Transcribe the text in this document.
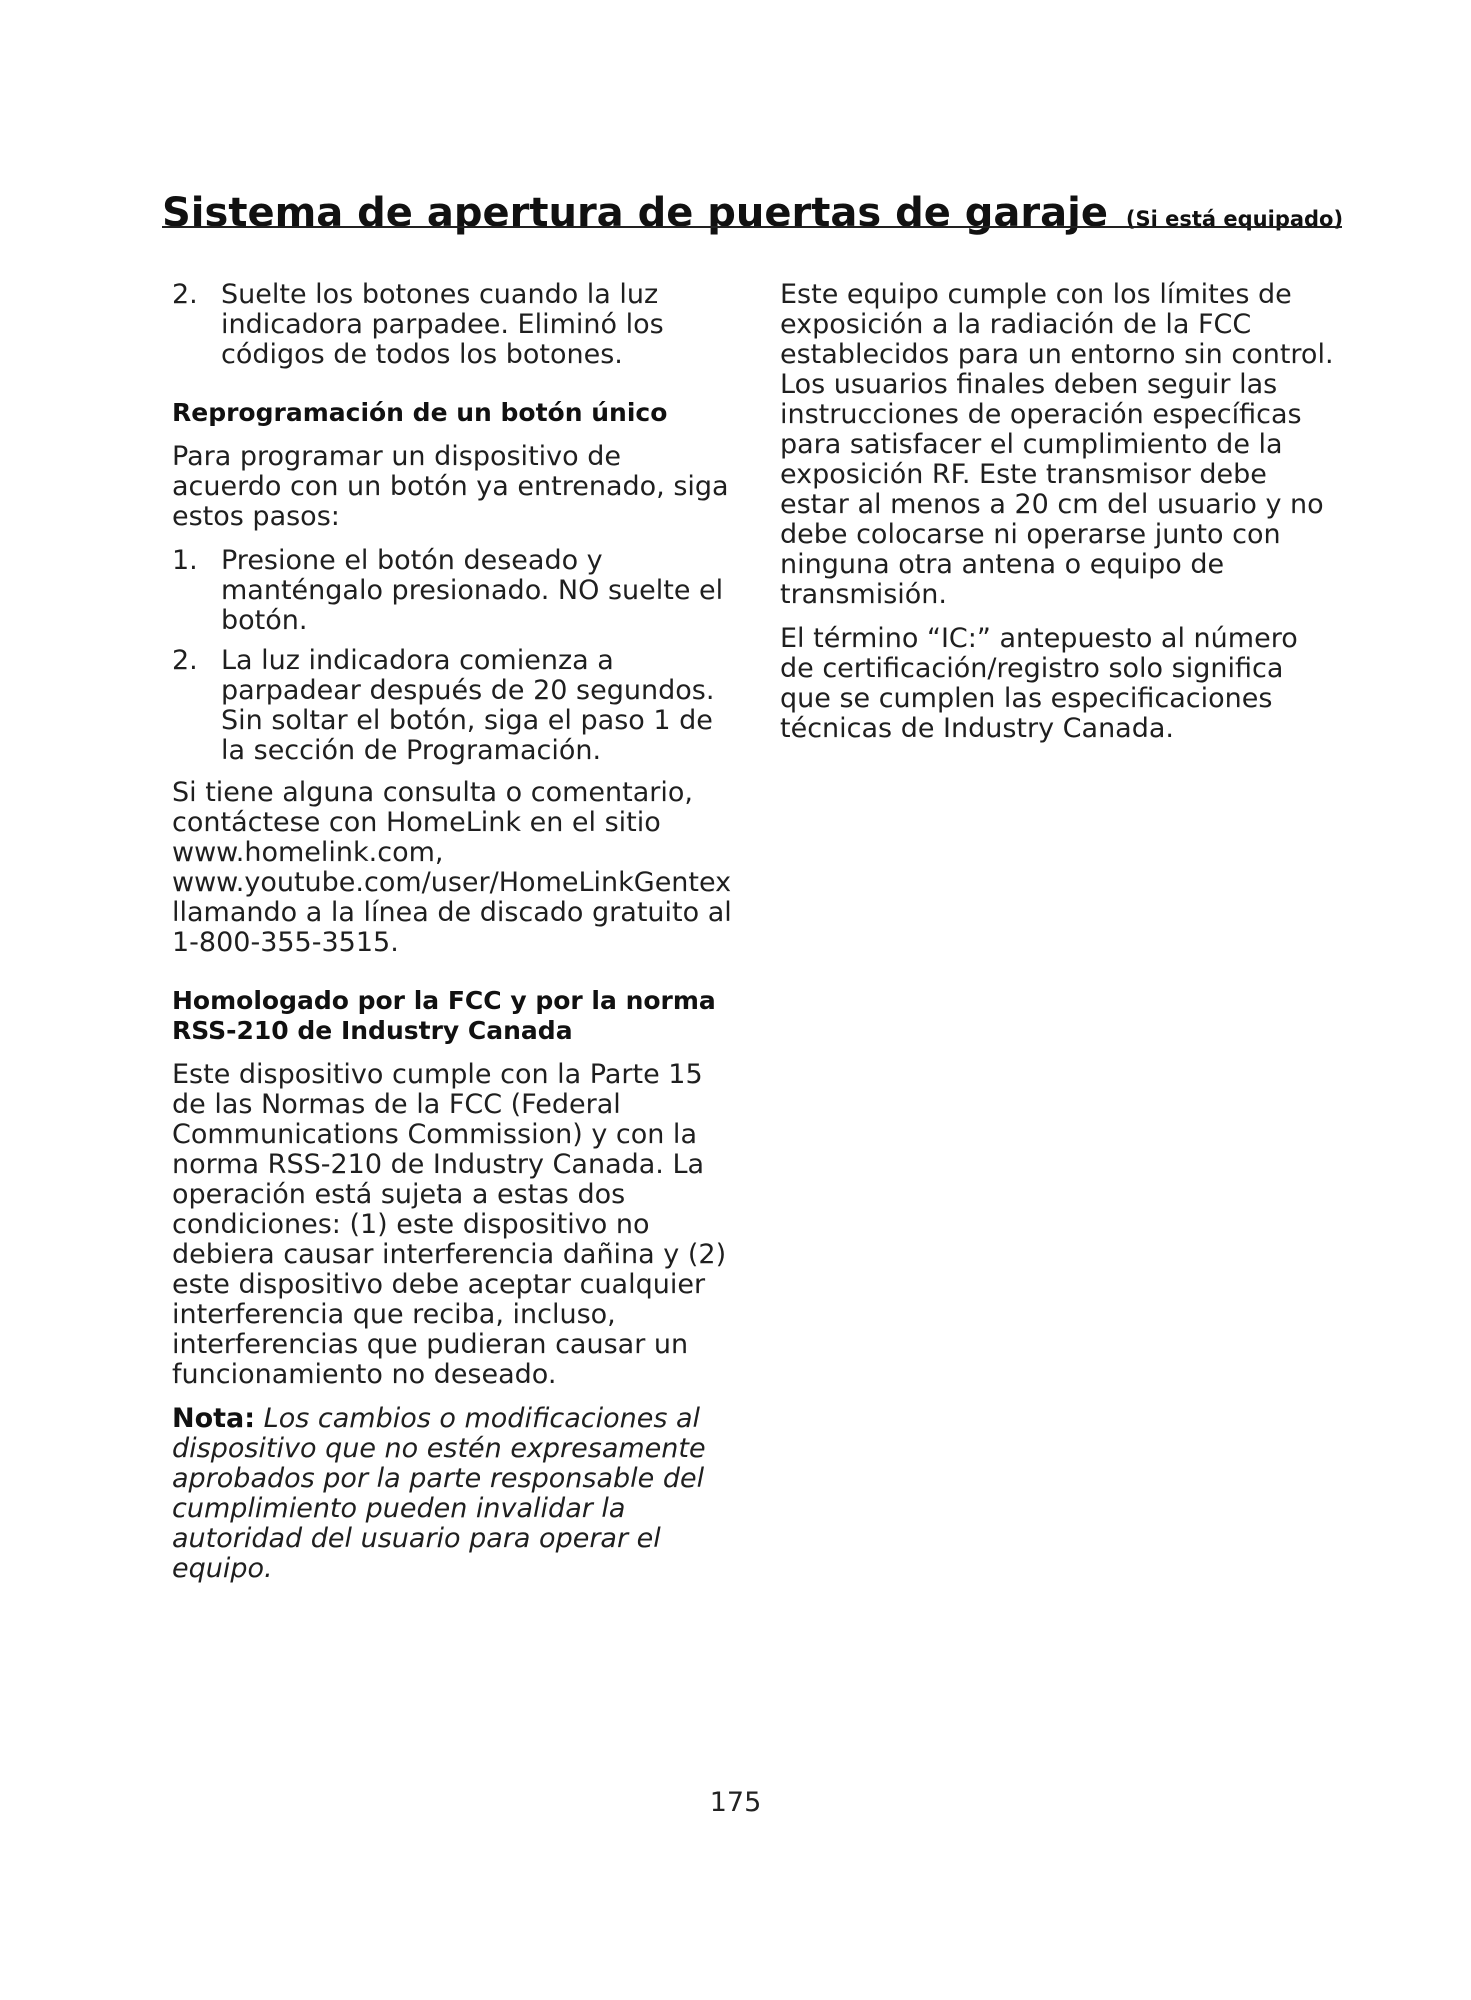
Sistema de apertura de puertas de garaje (Si está equipado)
2. Suelte los botones cuando la luz indicadora parpadee. Eliminó los códigos de todos los botones.
Reprogramación de un botón único

Para programar un dispositivo de acuerdo con un botón ya entrenado, siga estos pasos:

1. Presione el botón deseado y manténgalo presionado. NO suelte el botón.
2. La luz indicadora comienza a parpadear después de 20 segundos. Sin soltar el botón, siga el paso 1 de la sección de Programación.

Si tiene alguna consulta o comentario, contáctese con HomeLink en el sitio www.homelink.com, www.youtube.com/user/HomeLinkGentex llamando a la línea de discado gratuito al 1-800-355-3515.

Homologado por la FCC y por la norma RSS-210 de Industry Canada

Este dispositivo cumple con la Parte 15 de las Normas de la FCC (Federal Communications Commission) y con la norma RSS-210 de Industry Canada. La operación está sujeta a estas dos condiciones: (1) este dispositivo no debiera causar interferencia dañina y (2) este dispositivo debe aceptar cualquier interferencia que reciba, incluso, interferencias que pudieran causar un funcionamiento no deseado.

Nota: Los cambios o modificaciones al dispositivo que no estén expresamente aprobados por la parte responsable del cumplimiento pueden invalidar la autoridad del usuario para operar el equipo.

Este equipo cumple con los límites de exposición a la radiación de la FCC establecidos para un entorno sin control. Los usuarios finales deben seguir las instrucciones de operación específicas para satisfacer el cumplimiento de la exposición RF. Este transmisor debe estar al menos a 20 cm del usuario y no debe colocarse ni operarse junto con ninguna otra antena o equipo de transmisión.

El término “IC:” antepuesto al número de certificación/registro solo significa que se cumplen las especificaciones técnicas de Industry Canada.

175
